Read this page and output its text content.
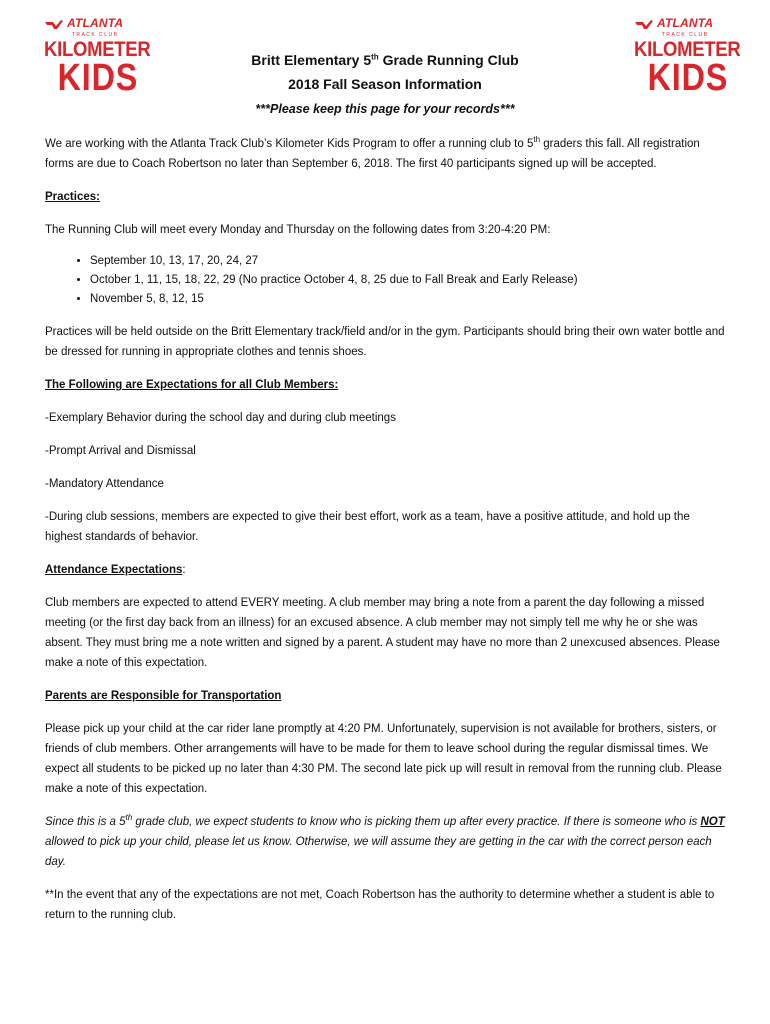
ATLANTA
TRACK CLUB
KILOMETER
KIDS
ATLANTA
TRACK CLUB
KILOMETER
KIDS
Britt Elementary 5th Grade Running Club
2018 Fall Season Information
***Please keep this page for your records***

We are working with the Atlanta Track Club’s Kilometer Kids Program to offer a running club to 5th graders this fall. All registration forms are due to Coach Robertson no later than September 6, 2018. The first 40 participants signed up will be accepted.

Practices:

The Running Club will meet every Monday and Thursday on the following dates from 3:20-4:20 PM:

• September 10, 13, 17, 20, 24, 27
• October 1, 11, 15, 18, 22, 29 (No practice October 4, 8, 25 due to Fall Break and Early Release)
• November 5, 8, 12, 15

Practices will be held outside on the Britt Elementary track/field and/or in the gym. Participants should bring their own water bottle and be dressed for running in appropriate clothes and tennis shoes.

The Following are Expectations for all Club Members:

-Exemplary Behavior during the school day and during club meetings

-Prompt Arrival and Dismissal

-Mandatory Attendance

-During club sessions, members are expected to give their best effort, work as a team, have a positive attitude, and hold up the highest standards of behavior.

Attendance Expectations:

Club members are expected to attend EVERY meeting. A club member may bring a note from a parent the day following a missed meeting (or the first day back from an illness) for an excused absence. A club member may not simply tell me why he or she was absent. They must bring me a note written and signed by a parent. A student may have no more than 2 unexcused absences. Please make a note of this expectation.

Parents are Responsible for Transportation

Please pick up your child at the car rider lane promptly at 4:20 PM. Unfortunately, supervision is not available for brothers, sisters, or friends of club members. Other arrangements will have to be made for them to leave school during the regular dismissal times. We expect all students to be picked up no later than 4:30 PM. The second late pick up will result in removal from the running club. Please make a note of this expectation.

Since this is a 5th grade club, we expect students to know who is picking them up after every practice. If there is someone who is NOT allowed to pick up your child, please let us know. Otherwise, we will assume they are getting in the car with the correct person each day.

**In the event that any of the expectations are not met, Coach Robertson has the authority to determine whether a student is able to return to the running club.
